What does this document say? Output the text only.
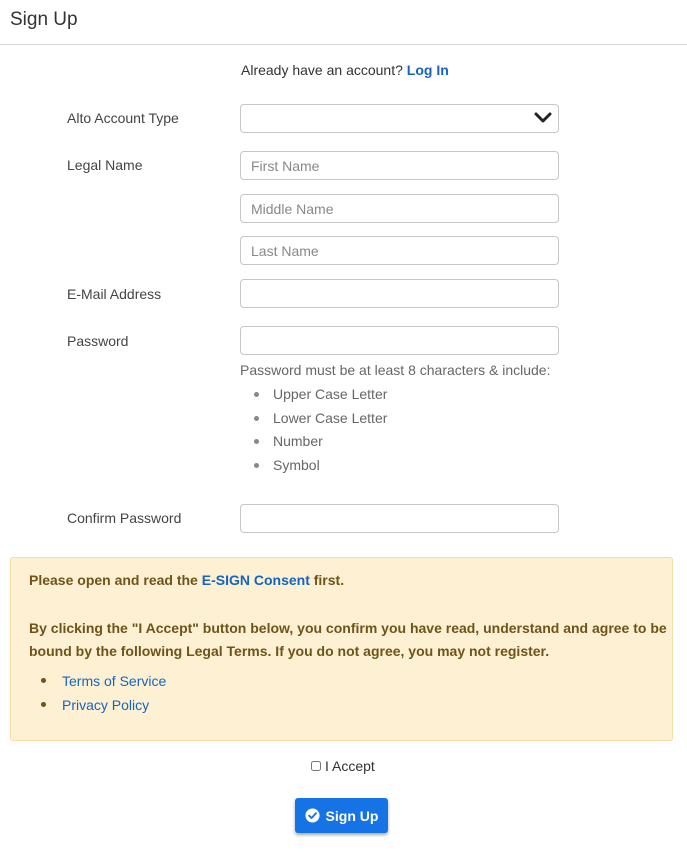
Sign Up
Already have an account? Log In
Alto Account Type
Legal Name
First Name
Middle Name
Last Name
E-Mail Address
Password
Password must be at least 8 characters & include:
Upper Case Letter
Lower Case Letter
Number
Symbol
Confirm Password
Please open and read the E-SIGN Consent first.
By clicking the "I Accept" button below, you confirm you have read, understand and agree to be
bound by the following Legal Terms. If you do not agree, you may not register.
Terms of Service
Privacy Policy
I Accept
Sign Up
